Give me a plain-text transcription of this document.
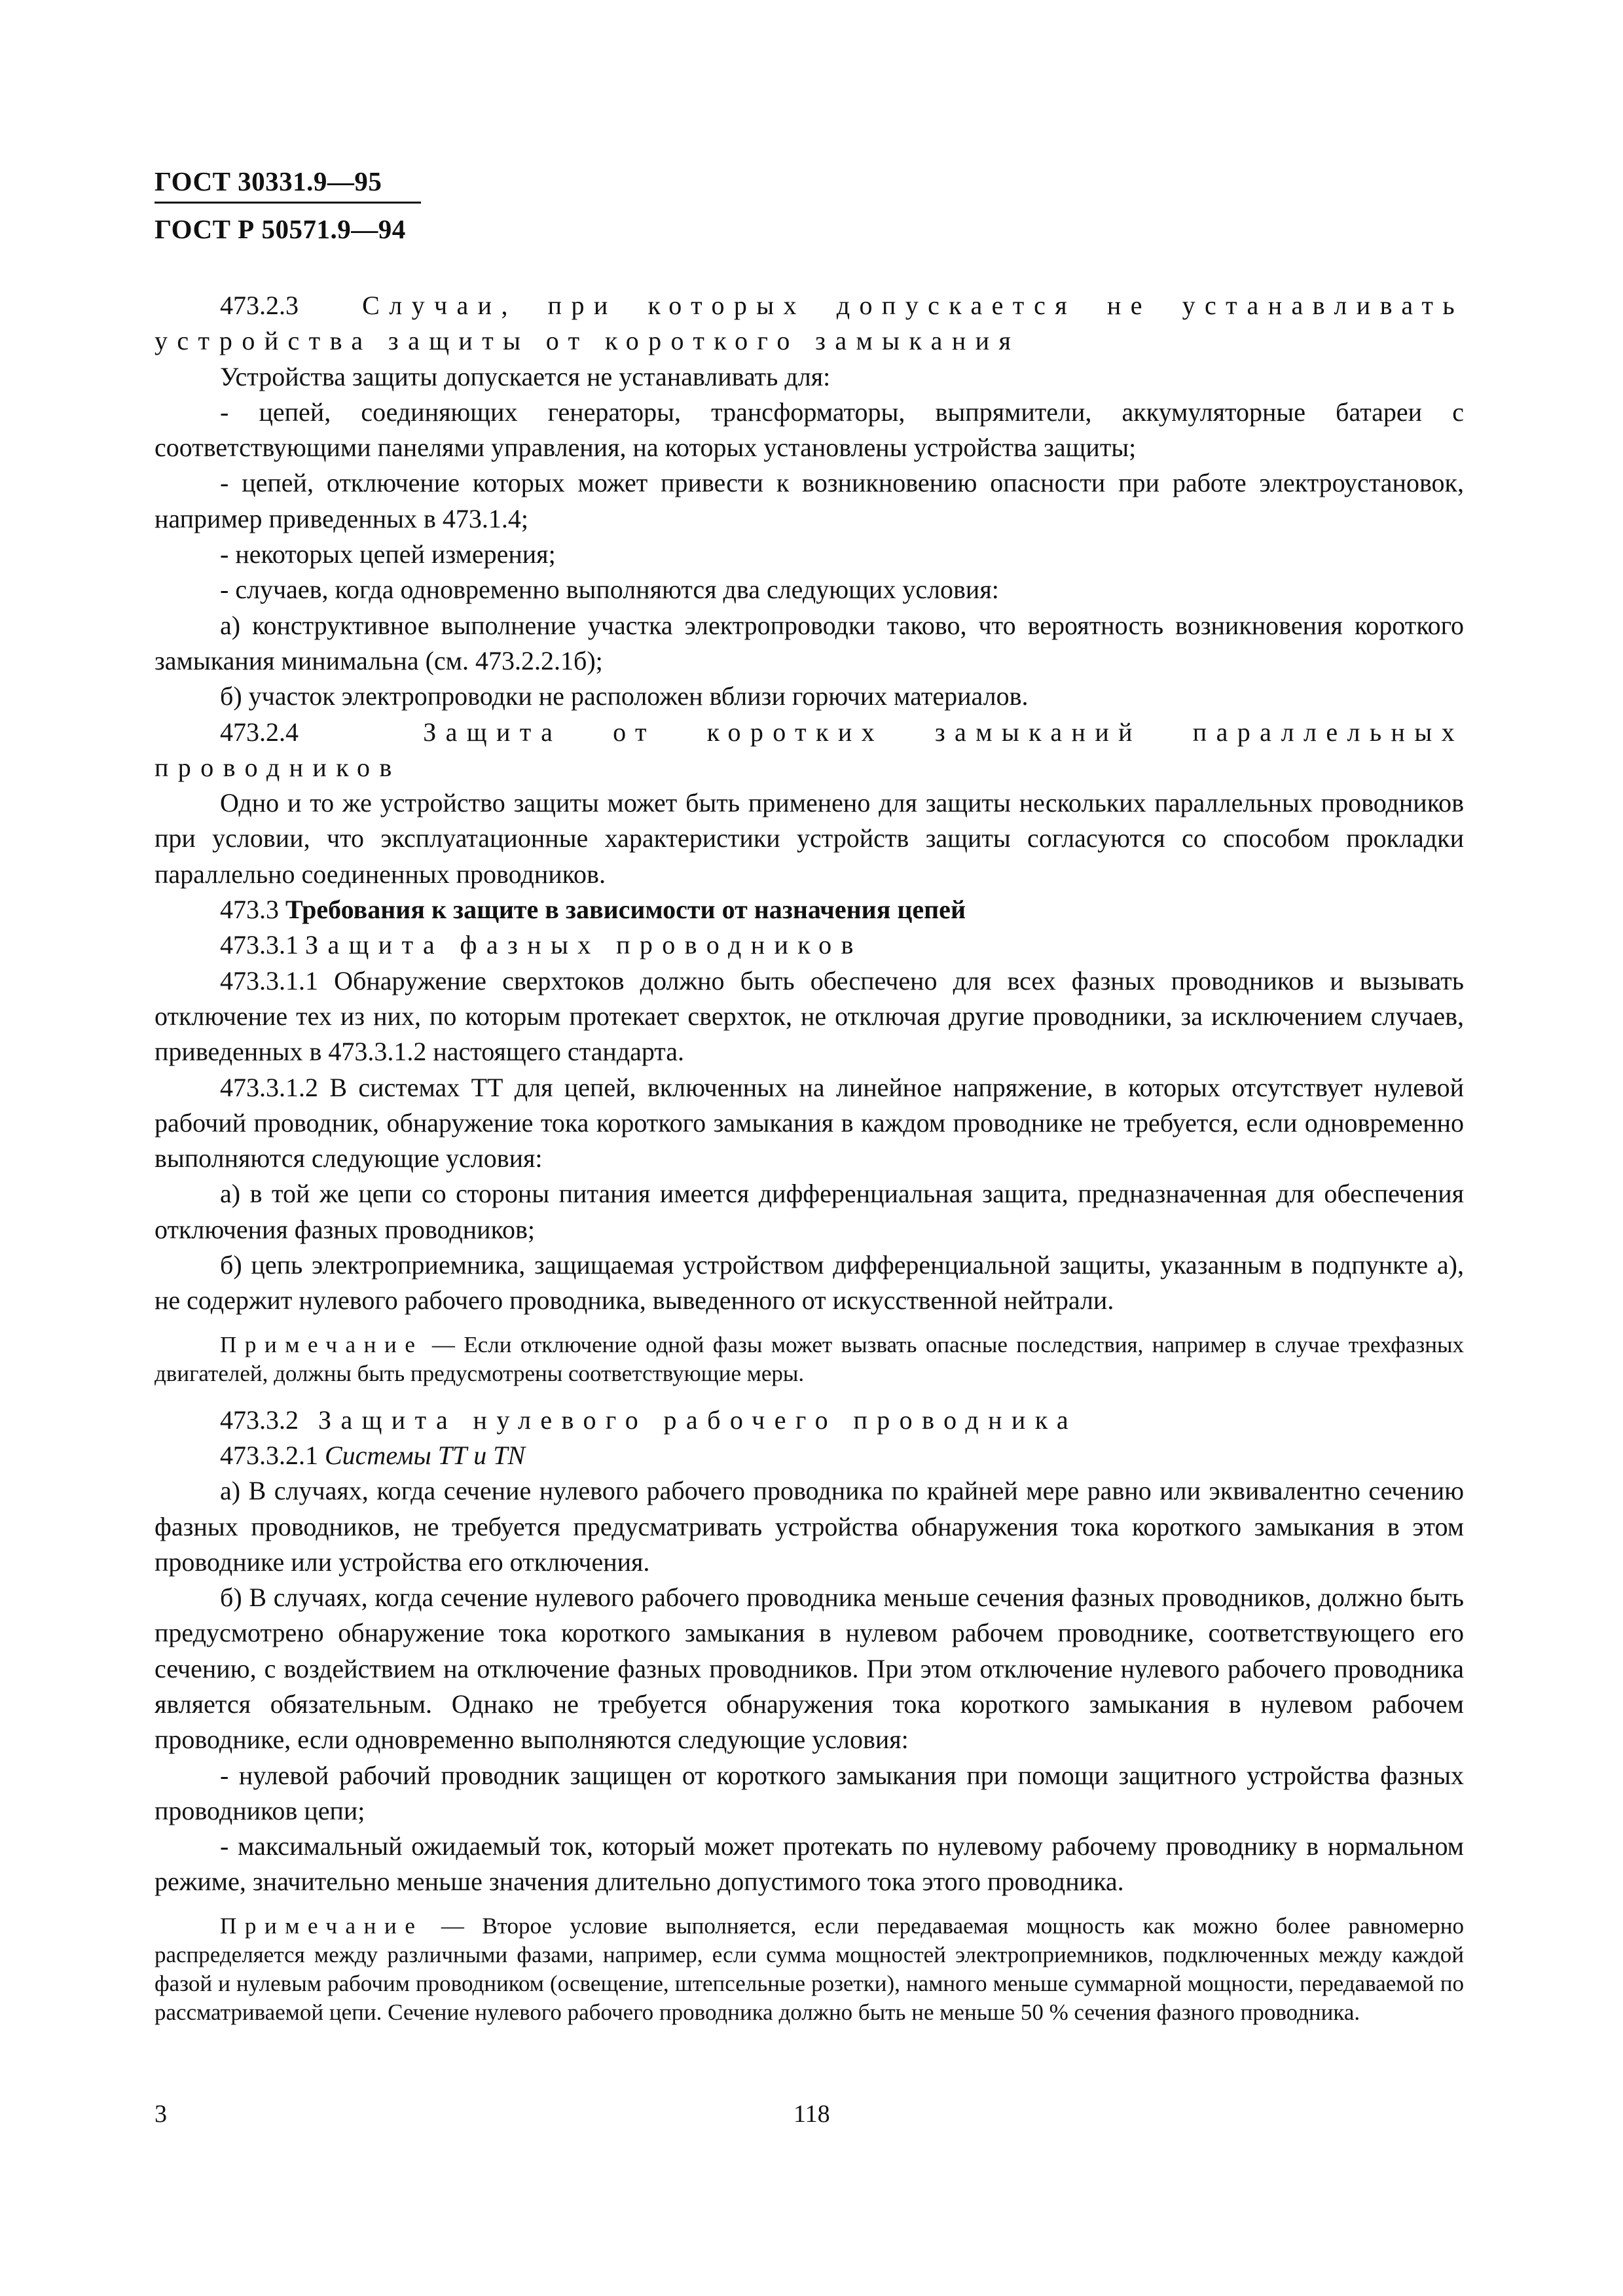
ГОСТ 30331.9—95
ГОСТ Р 50571.9—94

473.2.3 Случаи, при которых допускается не устанавливать устройства защиты от короткого замыкания

Устройства защиты допускается не устанавливать для:

- цепей, соединяющих генераторы, трансформаторы, выпрямители, аккумуляторные батареи с соответствующими панелями управления, на которых установлены устройства защиты;

- цепей, отключение которых может привести к возникновению опасности при работе электроустановок, например приведенных в 473.1.4;

- некоторых цепей измерения;

- случаев, когда одновременно выполняются два следующих условия:

а) конструктивное выполнение участка электропроводки таково, что вероятность возникновения короткого замыкания минимальна (см. 473.2.2.1б);

б) участок электропроводки не расположен вблизи горючих материалов.

473.2.4	Защита от коротких замыканий параллельных проводников

Одно и то же устройство защиты может быть применено для защиты нескольких параллельных проводников при условии, что эксплуатационные характеристики устройств защиты согласуются со способом прокладки параллельно соединенных проводников.

473.3 Требования к защите в зависимости от назначения цепей

473.3.1 Защита фазных проводников

473.3.1.1 Обнаружение сверхтоков должно быть обеспечено для всех фазных проводников и вызывать отключение тех из них, по которым протекает сверхток, не отключая другие проводники, за исключением случаев, приведенных в 473.3.1.2 настоящего стандарта.

473.3.1.2 В системах ТТ для цепей, включенных на линейное напряжение, в которых отсутствует нулевой рабочий проводник, обнаружение тока короткого замыкания в каждом проводнике не требуется, если одновременно выполняются следующие условия:

а) в той же цепи со стороны питания имеется дифференциальная защита, предназначенная для обеспечения отключения фазных проводников;

б) цепь электроприемника, защищаемая устройством дифференциальной защиты, указанным в подпункте а), не содержит нулевого рабочего проводника, выведенного от искусственной нейтрали.

Примечание — Если отключение одной фазы может вызвать опасные последствия, например в случае трехфазных двигателей, должны быть предусмотрены соответствующие меры.

473.3.2 Защита нулевого рабочего проводника

473.3.2.1 Системы ТТ и TN

а) В случаях, когда сечение нулевого рабочего проводника по крайней мере равно или эквивалентно сечению фазных проводников, не требуется предусматривать устройства обнаружения тока короткого замыкания в этом проводнике или устройства его отключения.

б) В случаях, когда сечение нулевого рабочего проводника меньше сечения фазных проводников, должно быть предусмотрено обнаружение тока короткого замыкания в нулевом рабочем проводнике, соответствующего его сечению, с воздействием на отключение фазных проводников. При этом отключение нулевого рабочего проводника является обязательным. Однако не требуется обнаружения тока короткого замыкания в нулевом рабочем проводнике, если одновременно выполняются следующие условия:

- нулевой рабочий проводник защищен от короткого замыкания при помощи защитного устройства фазных проводников цепи;

- максимальный ожидаемый ток, который может протекать по нулевому рабочему проводнику в нормальном режиме, значительно меньше значения длительно допустимого тока этого проводника.

Примечание — Второе условие выполняется, если передаваемая мощность как можно более равномерно распределяется между различными фазами, например, если сумма мощностей электроприемников, подключенных между каждой фазой и нулевым рабочим проводником (освещение, штепсельные розетки), намного меньше суммарной мощности, передаваемой по рассматриваемой цепи. Сечение нулевого рабочего проводника должно быть не меньше 50 % сечения фазного проводника.

3	118
